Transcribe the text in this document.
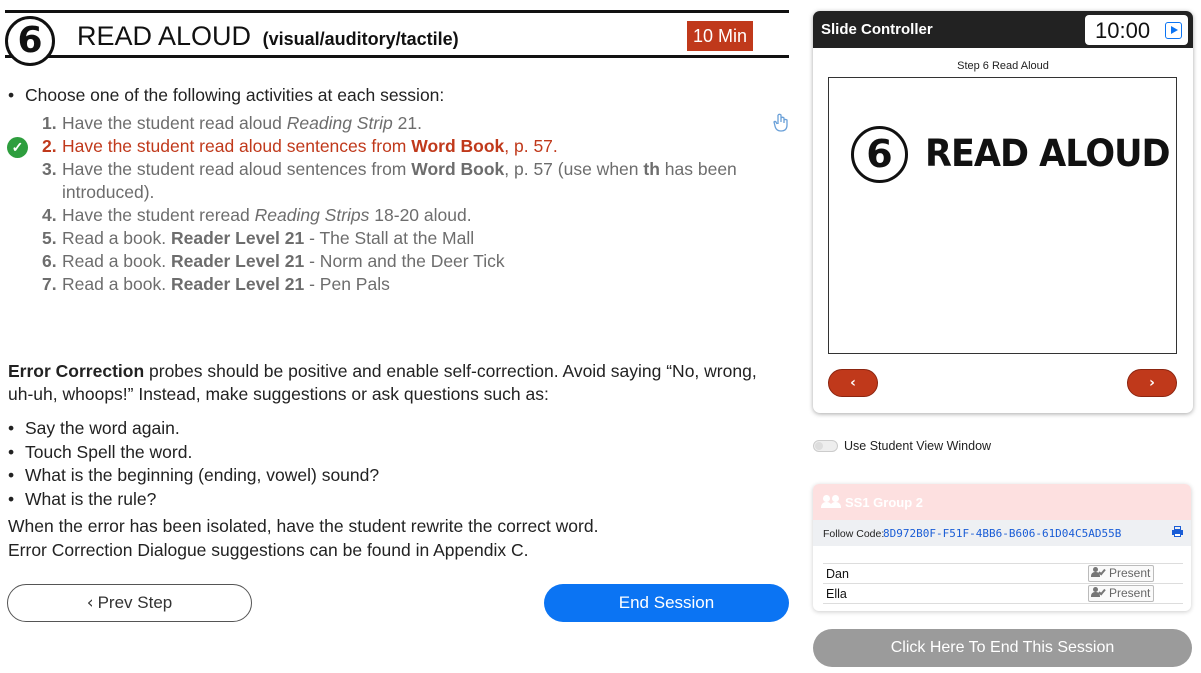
6	READ ALOUD (visual/auditory/tactile)	10 Min
• Choose one of the following activities at each session:
1. Have the student read aloud Reading Strip 21.
✓ 2. Have the student read aloud sentences from Word Book, p. 57.
3. Have the student read aloud sentences from Word Book, p. 57 (use when th has been introduced).
4. Have the student reread Reading Strips 18-20 aloud.
5. Read a book. Reader Level 21 - The Stall at the Mall
6. Read a book. Reader Level 21 - Norm and the Deer Tick
7. Read a book. Reader Level 21 - Pen Pals
Error Correction probes should be positive and enable self-correction. Avoid saying “No, wrong, uh-uh, whoops!” Instead, make suggestions or ask questions such as:
• Say the word again.
• Touch Spell the word.
• What is the beginning (ending, vowel) sound?
• What is the rule?
When the error has been isolated, have the student rewrite the correct word.
Error Correction Dialogue suggestions can be found in Appendix C.
‹ Prev Step	End Session
Slide Controller	10:00
Step 6 Read Aloud
6 READ ALOUD
‹	›
Use Student View Window
SS1 Group 2
Follow Code:
8D972B0F-F51F-4BB6-B606-61D04C5AD55B
Dan	Present
Ella	Present
Click Here To End This Session
